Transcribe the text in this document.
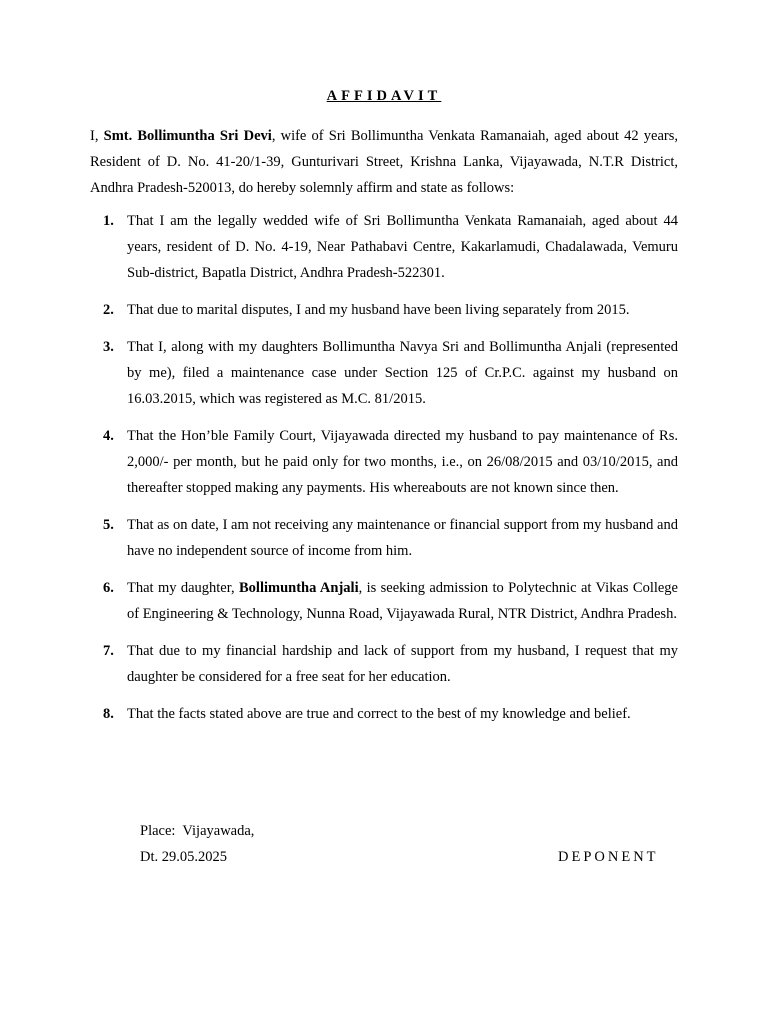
AFFIDAVIT

I, Smt. Bollimuntha Sri Devi, wife of Sri Bollimuntha Venkata Ramanaiah, aged about 42 years, Resident of D. No. 41-20/1-39, Gunturivari Street, Krishna Lanka, Vijayawada, N.T.R District, Andhra Pradesh-520013, do hereby solemnly affirm and state as follows:

1. That I am the legally wedded wife of Sri Bollimuntha Venkata Ramanaiah, aged about 44 years, resident of D. No. 4-19, Near Pathabavi Centre, Kakarlamudi, Chadalawada, Vemuru Sub-district, Bapatla District, Andhra Pradesh-522301.
2. That due to marital disputes, I and my husband have been living separately from 2015.
3. That I, along with my daughters Bollimuntha Navya Sri and Bollimuntha Anjali (represented by me), filed a maintenance case under Section 125 of Cr.P.C. against my husband on 16.03.2015, which was registered as M.C. 81/2015.
4. That the Hon’ble Family Court, Vijayawada directed my husband to pay maintenance of Rs. 2,000/- per month, but he paid only for two months, i.e., on 26/08/2015 and 03/10/2015, and thereafter stopped making any payments. His whereabouts are not known since then.
5. That as on date, I am not receiving any maintenance or financial support from my husband and have no independent source of income from him.
6. That my daughter, Bollimuntha Anjali, is seeking admission to Polytechnic at Vikas College of Engineering & Technology, Nunna Road, Vijayawada Rural, NTR District, Andhra Pradesh.
7. That due to my financial hardship and lack of support from my husband, I request that my daughter be considered for a free seat for her education.
8. That the facts stated above are true and correct to the best of my knowledge and belief.
Place:  Vijayawada,
Dt. 29.05.2025	DEPONENT
